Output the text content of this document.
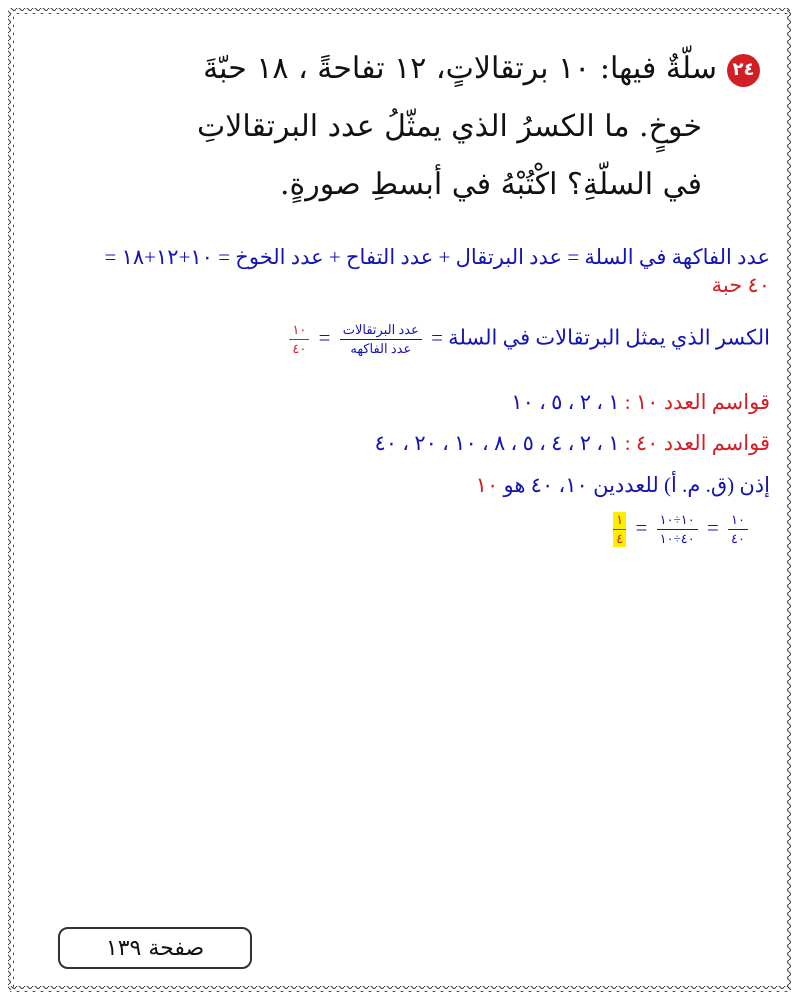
٢٤سلّةٌ فيها: ١٠ برتقالاتٍ، ١٢ تفاحةً ، ١٨ حبّةَ
خوخٍ. ما الكسرُ الذي يمثّلُ عدد البرتقالاتِ
في السلّةِ؟ اكْتُبْهُ في أبسطِ صورةٍ.
عدد الفاكهة في السلة = عدد البرتقال + عدد التفاح + عدد الخوخ = ١٠+١٢+١٨ =
٤٠ حبة
الكسر الذي يمثل البرتقالات في السلة =
$\frac{\text{عدد البرتقالات}}{\text{عدد الفاكهه}}$
=
$\frac{١٠}{٤٠}$
قواسم العدد ١٠ : ١ ، ٢ ، ٥ ، ١٠
قواسم العدد ٤٠ : ١ ، ٢ ، ٤ ، ٥ ، ٨ ، ١٠ ، ٢٠ ، ٤٠
إذن (ق. م. أ) للعددين ١٠، ٤٠ هو ١٠
$\frac{١}{٤} = \frac{١٠\div ١٠}{٤٠\div ١٠} = \frac{١٠}{٤٠}$
صفحة ١٣٩
